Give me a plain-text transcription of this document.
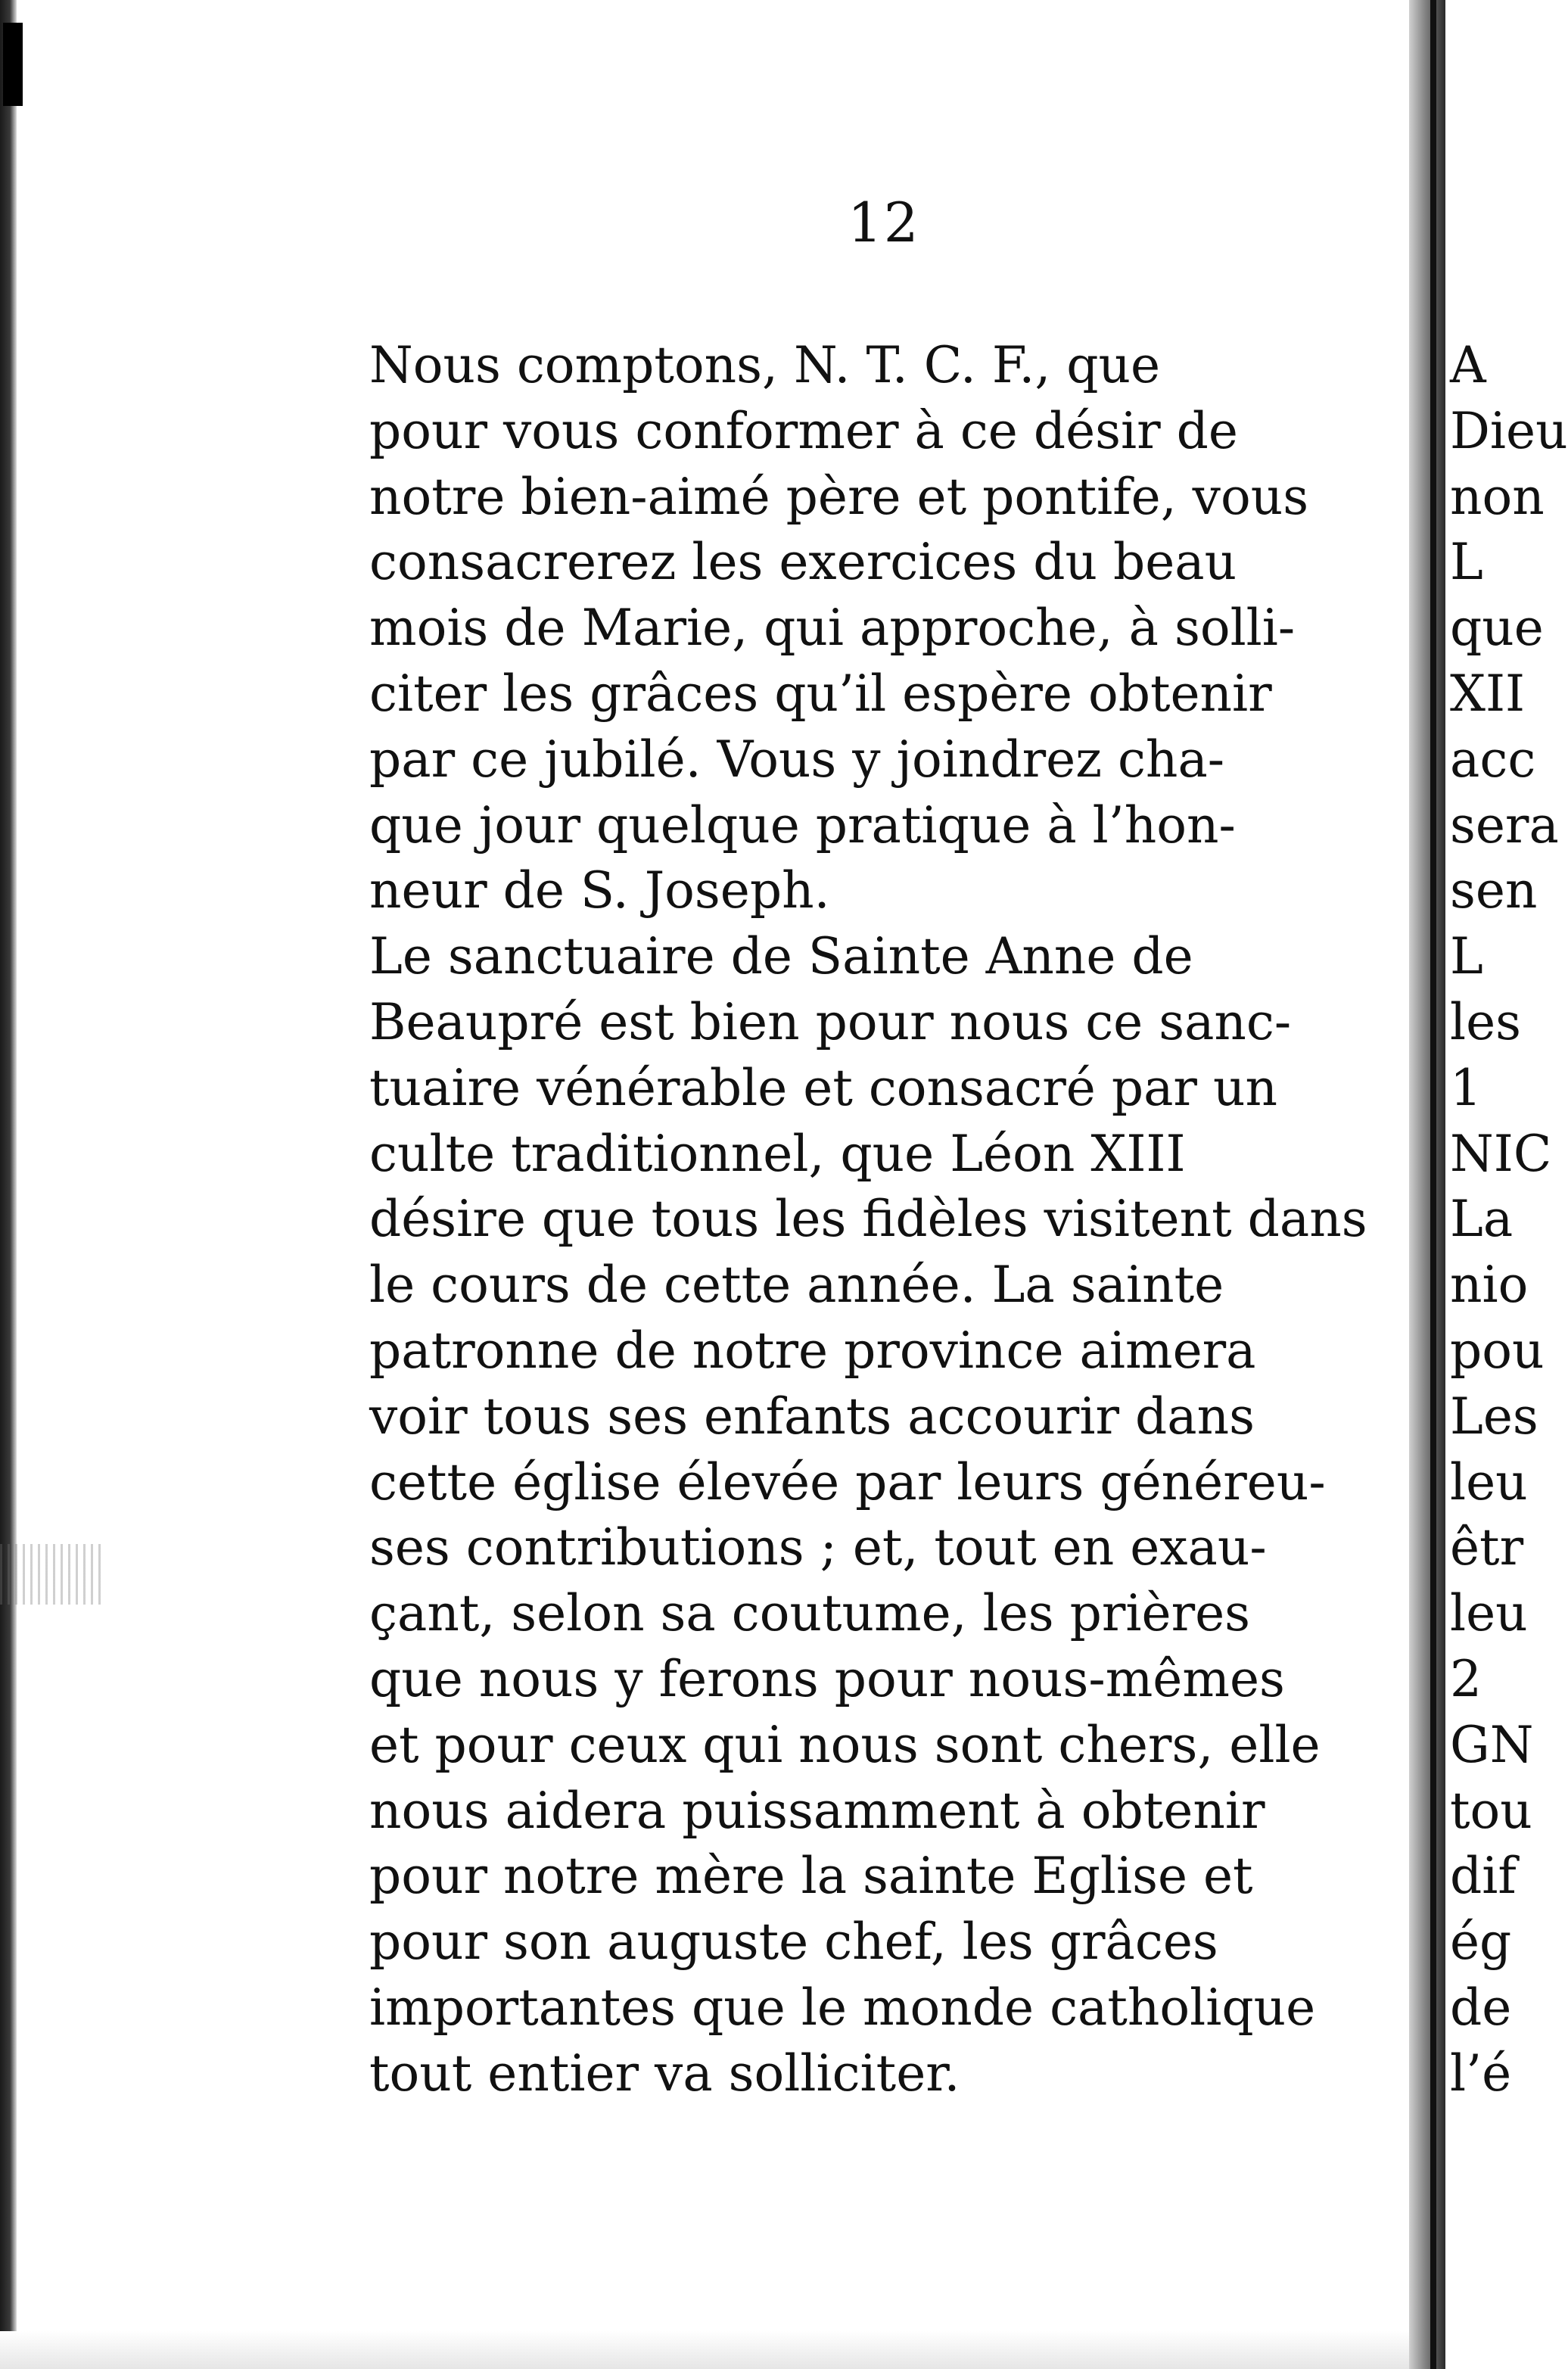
12
Nous comptons, N. T. C. F., que
pour vous conformer à ce désir de
notre bien-aimé père et pontife, vous
consacrerez les exercices du beau
mois de Marie, qui approche, à solli-
citer les grâces qu’il espère obtenir
par ce jubilé. Vous y joindrez cha-
que jour quelque pratique à l’hon-
neur de S. Joseph.
Le sanctuaire de Sainte Anne de
Beaupré est bien pour nous ce sanc-
tuaire vénérable et consacré par un
culte traditionnel, que Léon XIII
désire que tous les fidèles visitent dans
le cours de cette année. La sainte
patronne de notre province aimera
voir tous ses enfants accourir dans
cette église élevée par leurs généreu-
ses contributions ; et, tout en exau-
çant, selon sa coutume, les prières
que nous y ferons pour nous-mêmes
et pour ceux qui nous sont chers, elle
nous aidera puissamment à obtenir
pour notre mère la sainte Eglise et
pour son auguste chef, les grâces
importantes que le monde catholique
tout entier va solliciter.
A
Dieu
non
L
que
XII
acc
sera
sen
L
les
1
NIC
La
nio
pou
Les
leu
êtr
leu
2
GN
tou
dif
ég
de
l’é
